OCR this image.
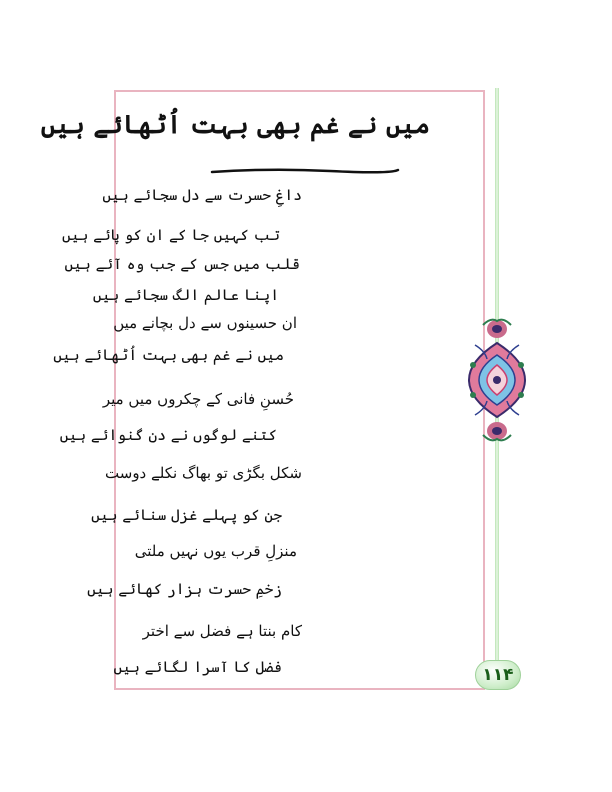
میں نے غم بھی بہت اُٹھائے ہیں
داغِ حسرت سے دل سجائے ہیں
تب کہیں جا کے ان کو پائے ہیں
قلب میں جس کے جب وہ آئے ہیں
اپنا عالم الگ سجائے ہیں
ان حسینوں سے دل بچانے میں
میں نے غم بھی بہت اُٹھائے ہیں
حُسنِ فانی کے چکروں میں میر
کتنے لوگوں نے دن گنوائے ہیں
شکل بگڑی تو بھاگ نکلے دوست
جن کو پہلے غزل سنائے ہیں
منزلِ قرب یوں نہیں ملتی
زخمِ حسرت ہزار کھائے ہیں
کام بنتا ہے فضل سے اختر
فضل کا آسرا لگائے ہیں	۱۱۴
